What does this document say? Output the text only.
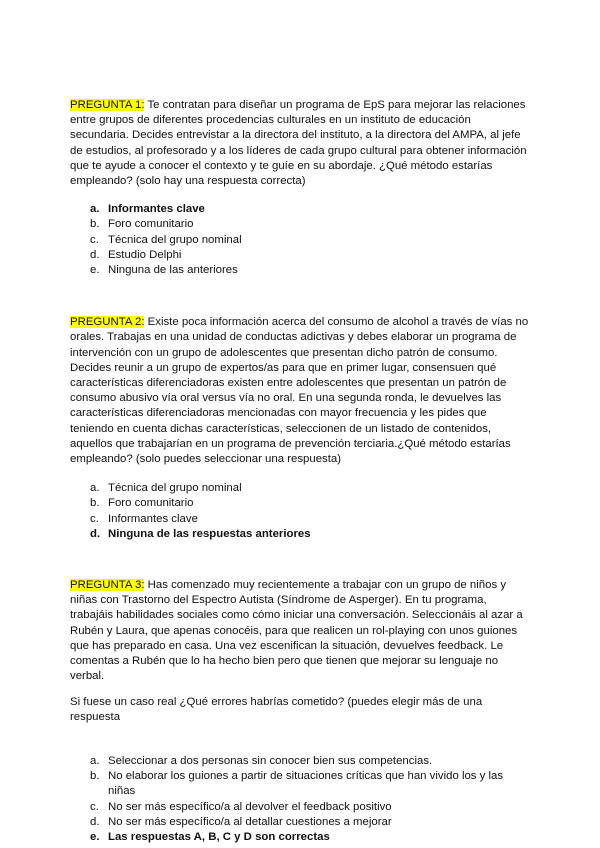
PREGUNTA 1: Te contratan para diseñar un programa de EpS para mejorar las relaciones entre grupos de diferentes procedencias culturales en un instituto de educación secundaria. Decides entrevistar a la directora del instituto, a la directora del AMPA, al jefe de estudios, al profesorado y a los líderes de cada grupo cultural para obtener información que te ayude a conocer el contexto y te guíe en su abordaje. ¿Qué método estarías empleando? (solo hay una respuesta correcta)

a. Informantes clave
b. Foro comunitario
c. Técnica del grupo nominal
d. Estudio Delphi
e. Ninguna de las anteriores

PREGUNTA 2: Existe poca información acerca del consumo de alcohol a través de vías no orales. Trabajas en una unidad de conductas adictivas y debes elaborar un programa de intervención con un grupo de adolescentes que presentan dicho patrón de consumo. Decides reunir a un grupo de expertos/as para que en primer lugar, consensuen qué características diferenciadoras existen entre adolescentes que presentan un patrón de consumo abusivo vía oral versus vía no oral. En una segunda ronda, le devuelves las características diferenciadoras mencionadas con mayor frecuencia y les pides que teniendo en cuenta dichas características, seleccionen de un listado de contenidos, aquellos que trabajarían en un programa de prevención terciaria.¿Qué método estarías empleando? (solo puedes seleccionar una respuesta)

a. Técnica del grupo nominal
b. Foro comunitario
c. Informantes clave
d. Ninguna de las respuestas anteriores

PREGUNTA 3: Has comenzado muy recientemente a trabajar con un grupo de niños y niñas con Trastorno del Espectro Autista (Síndrome de Asperger). En tu programa, trabajáis habilidades sociales como cómo iniciar una conversación. Seleccionáis al azar a Rubén y Laura, que apenas conocéis, para que realicen un rol-playing con unos guiones que has preparado en casa. Una vez escenifican la situación, devuelves feedback. Le comentas a Rubén que lo ha hecho bien pero que tienen que mejorar su lenguaje no verbal.

Si fuese un caso real ¿Qué errores habrías cometido? (puedes elegir más de una respuesta

a. Seleccionar a dos personas sin conocer bien sus competencias.
b. No elaborar los guiones a partir de situaciones críticas que han vivido los y las niñas
c. No ser más específico/a al devolver el feedback positivo
d. No ser más específico/a al detallar cuestiones a mejorar
e. Las respuestas A, B, C y D son correctas
